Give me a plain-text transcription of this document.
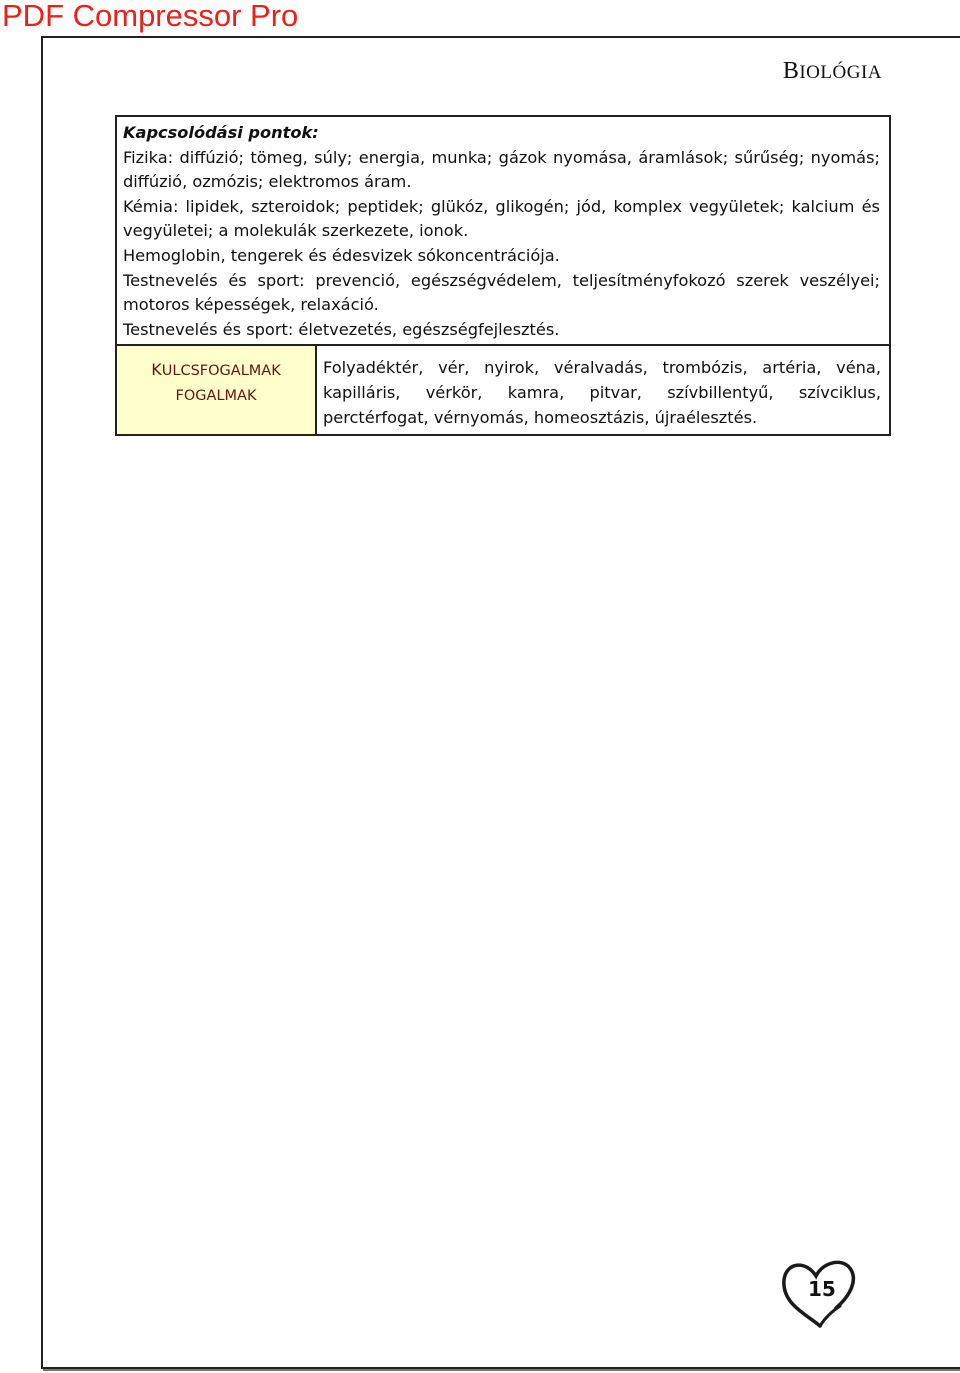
PDF Compressor Pro
BIOLÓGIA
Kapcsolódási pontok:

Fizika: diffúzió; tömeg, súly; energia, munka; gázok nyomása, áramlások; sűrűség; nyomás; diffúzió, ozmózis; elektromos áram.

Kémia: lipidek, szteroidok; peptidek; glükóz, glikogén; jód, komplex vegyületek; kalcium és vegyületei; a molekulák szerkezete, ionok.

Hemoglobin, tengerek és édesvizek sókoncentrációja.

Testnevelés és sport: prevenció, egészségvédelem, teljesítményfokozó szerek veszélyei; motoros képességek, relaxáció.

Testnevelés és sport: életvezetés, egészségfejlesztés.

KULCSFOGALMAK
FOGALMAK
Folyadéktér, vér, nyirok, véralvadás, trombózis, artéria, véna, kapilláris, vérkör, kamra, pitvar, szívbillentyű, szívciklus, perctérfogat, vérnyomás, homeosztázis, újraélesztés.
15
